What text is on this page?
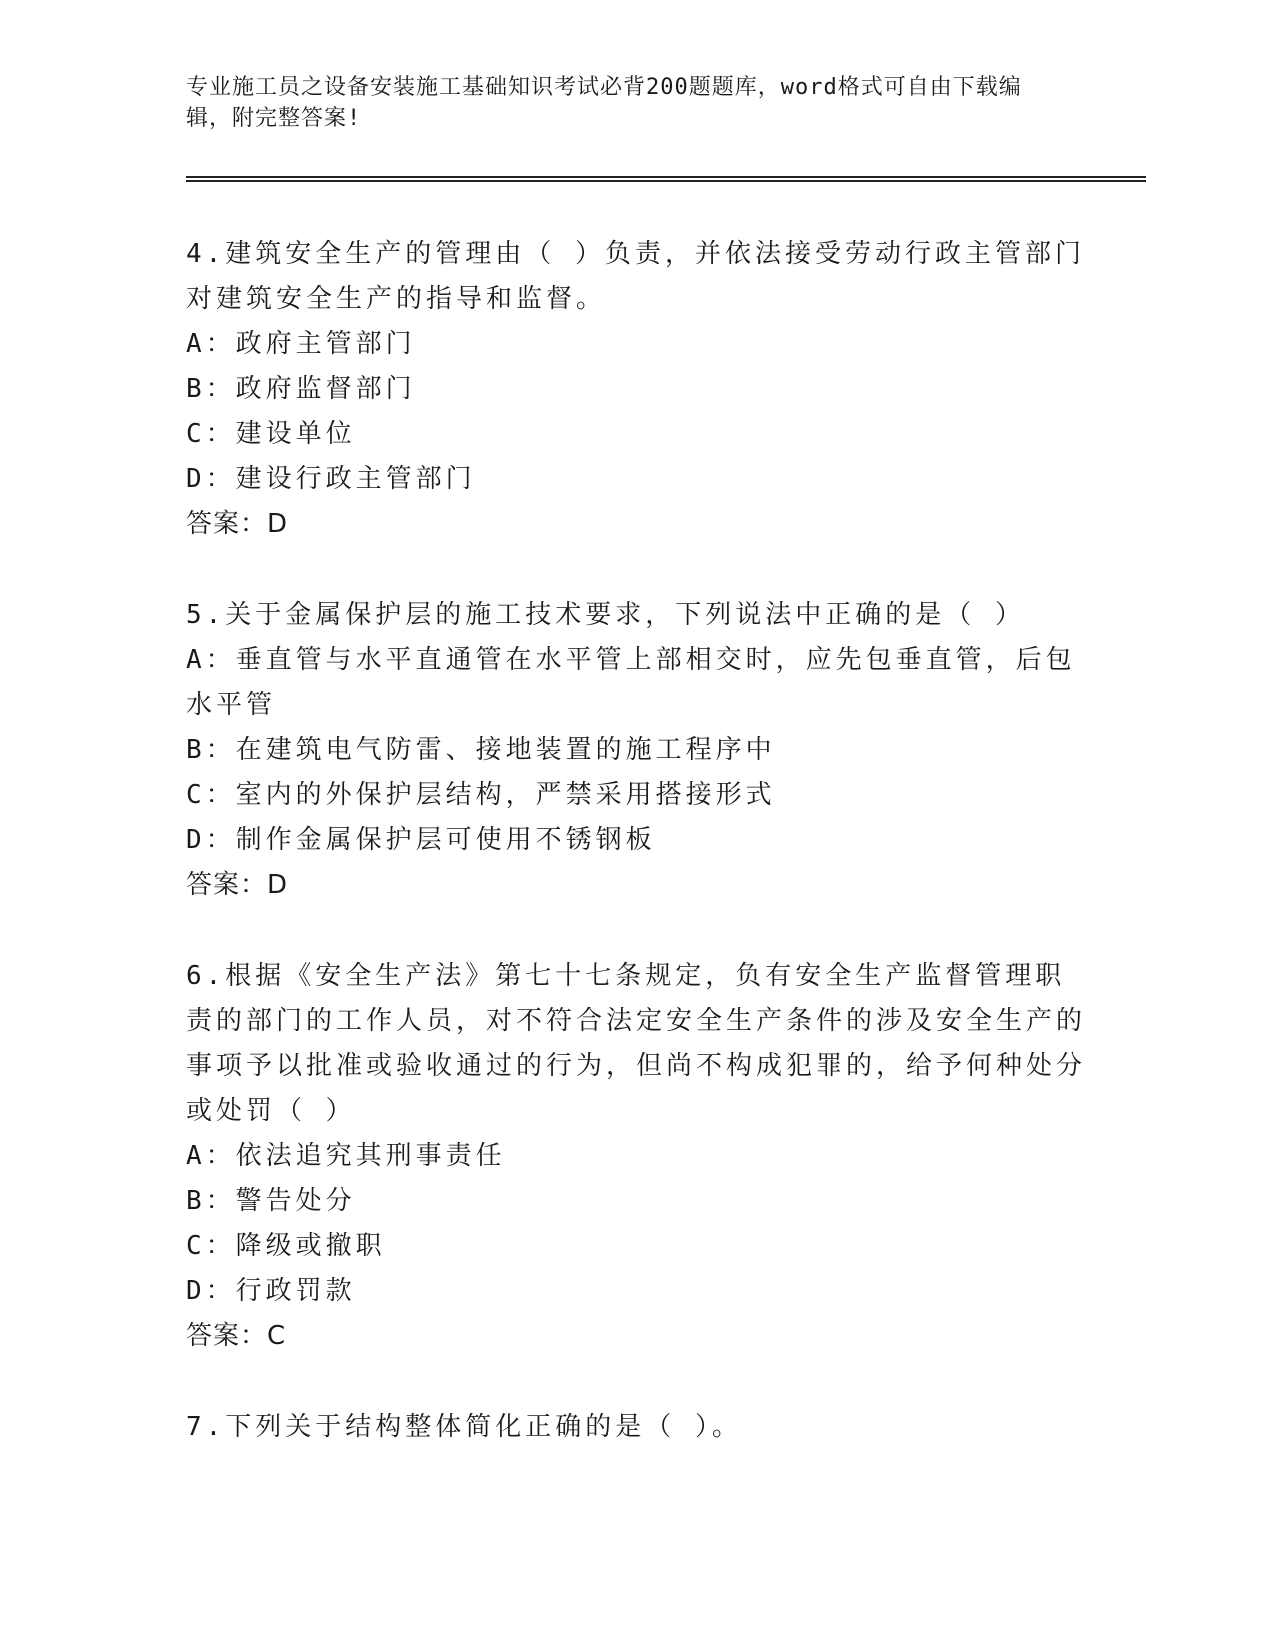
专业施工员之设备安装施工基础知识考试必背200题题库，word格式可自由下载编辑，附完整答案!

4.建筑安全生产的管理由（ ）负责，并依法接受劳动行政主管部门对建筑安全生产的指导和监督。

A：政府主管部门

B：政府监督部门

C：建设单位

D：建设行政主管部门

答案：D

5.关于金属保护层的施工技术要求，下列说法中正确的是（ ）

A：垂直管与水平直通管在水平管上部相交时，应先包垂直管，后包水平管

B：在建筑电气防雷、接地装置的施工程序中

C：室内的外保护层结构，严禁采用搭接形式

D：制作金属保护层可使用不锈钢板

答案：D

6.根据《安全生产法》第七十七条规定，负有安全生产监督管理职责的部门的工作人员，对不符合法定安全生产条件的涉及安全生产的事项予以批准或验收通过的行为，但尚不构成犯罪的，给予何种处分或处罚（ ）

A：依法追究其刑事责任

B：警告处分

C：降级或撤职

D：行政罚款

答案：C

7.下列关于结构整体简化正确的是（ ）。
